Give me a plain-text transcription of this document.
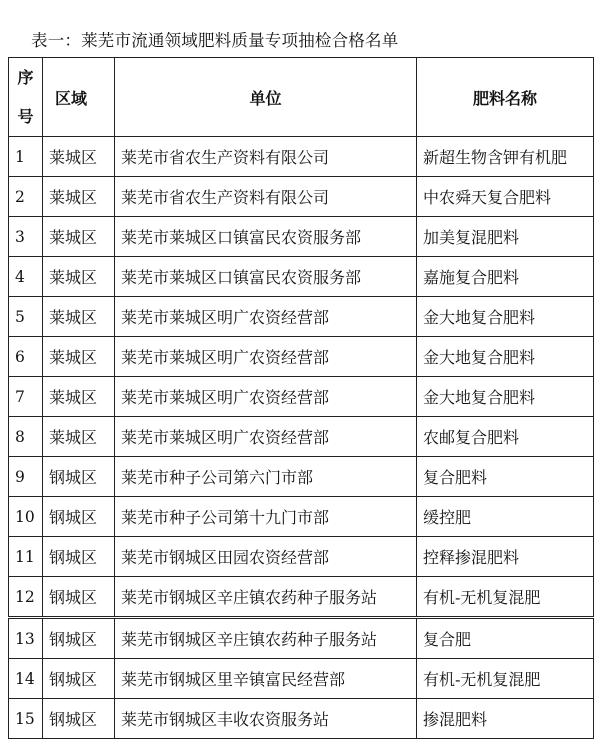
表一：莱芜市流通领域肥料质量专项抽检合格名单
序
号	区域	单位	肥料名称
1	莱城区	莱芜市省农生产资料有限公司	新超生物含钾有机肥
2	莱城区	莱芜市省农生产资料有限公司	中农舜天复合肥料
3	莱城区	莱芜市莱城区口镇富民农资服务部	加美复混肥料
4	莱城区	莱芜市莱城区口镇富民农资服务部	嘉施复合肥料
5	莱城区	莱芜市莱城区明广农资经营部	金大地复合肥料
6	莱城区	莱芜市莱城区明广农资经营部	金大地复合肥料
7	莱城区	莱芜市莱城区明广农资经营部	金大地复合肥料
8	莱城区	莱芜市莱城区明广农资经营部	农邮复合肥料
9	钢城区	莱芜市种子公司第六门市部	复合肥料
10	钢城区	莱芜市种子公司第十九门市部	缓控肥
11	钢城区	莱芜市钢城区田园农资经营部	控释掺混肥料
12	钢城区	莱芜市钢城区辛庄镇农药种子服务站	有机-无机复混肥
13	钢城区	莱芜市钢城区辛庄镇农药种子服务站	复合肥
14	钢城区	莱芜市钢城区里辛镇富民经营部	有机-无机复混肥
15	钢城区	莱芜市钢城区丰收农资服务站	掺混肥料
